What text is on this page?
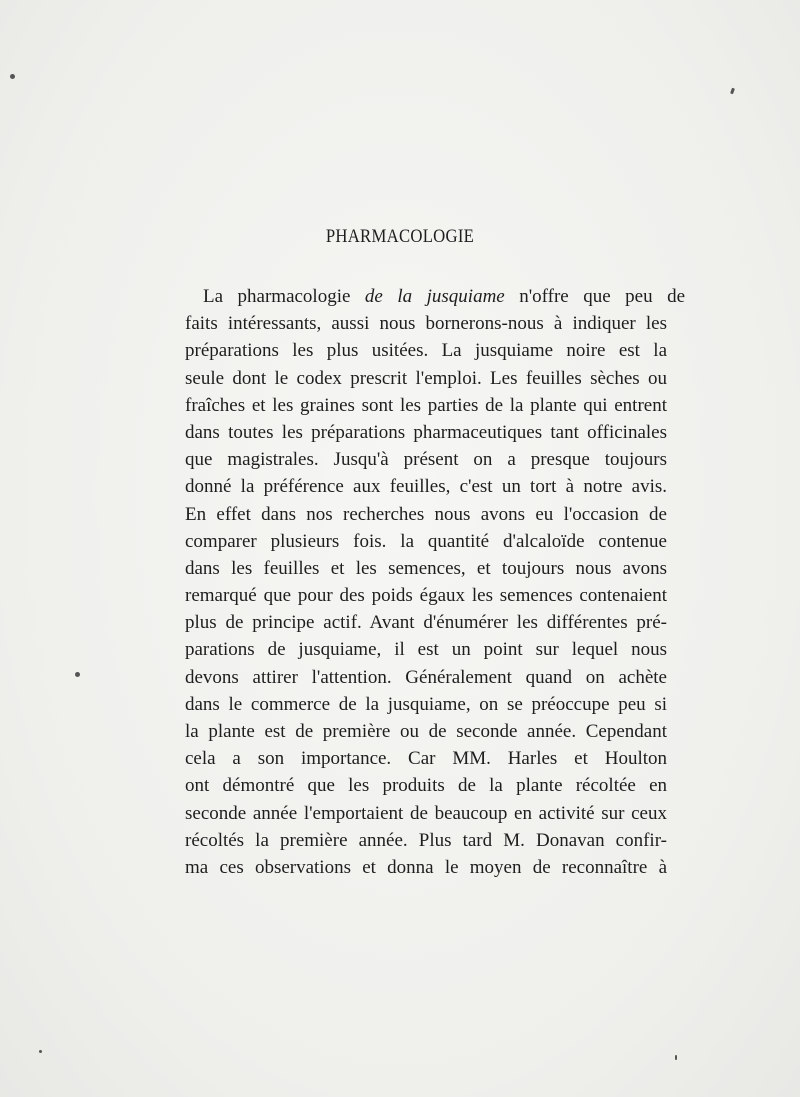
PHARMACOLOGIE
La pharmacologie de la jusquiame n'offre que peu de
faits intéressants, aussi nous bornerons-nous à indiquer les
préparations les plus usitées. La jusquiame noire est la
seule dont le codex prescrit l'emploi. Les feuilles sèches ou
fraîches et les graines sont les parties de la plante qui entrent
dans toutes les préparations pharmaceutiques tant officinales
que magistrales. Jusqu'à présent on a presque toujours
donné la préférence aux feuilles, c'est un tort à notre avis.
En effet dans nos recherches nous avons eu l'occasion de
comparer plusieurs fois. la quantité d'alcaloïde contenue
dans les feuilles et les semences, et toujours nous avons
remarqué que pour des poids égaux les semences contenaient
plus de principe actif. Avant d'énumérer les différentes pré-
parations de jusquiame, il est un point sur lequel nous
devons attirer l'attention. Généralement quand on achète
dans le commerce de la jusquiame, on se préoccupe peu si
la plante est de première ou de seconde année. Cependant
cela a son importance. Car MM. Harles et Houlton
ont démontré que les produits de la plante récoltée en
seconde année l'emportaient de beaucoup en activité sur ceux
récoltés la première année. Plus tard M. Donavan confir-
ma ces observations et donna le moyen de reconnaître à
